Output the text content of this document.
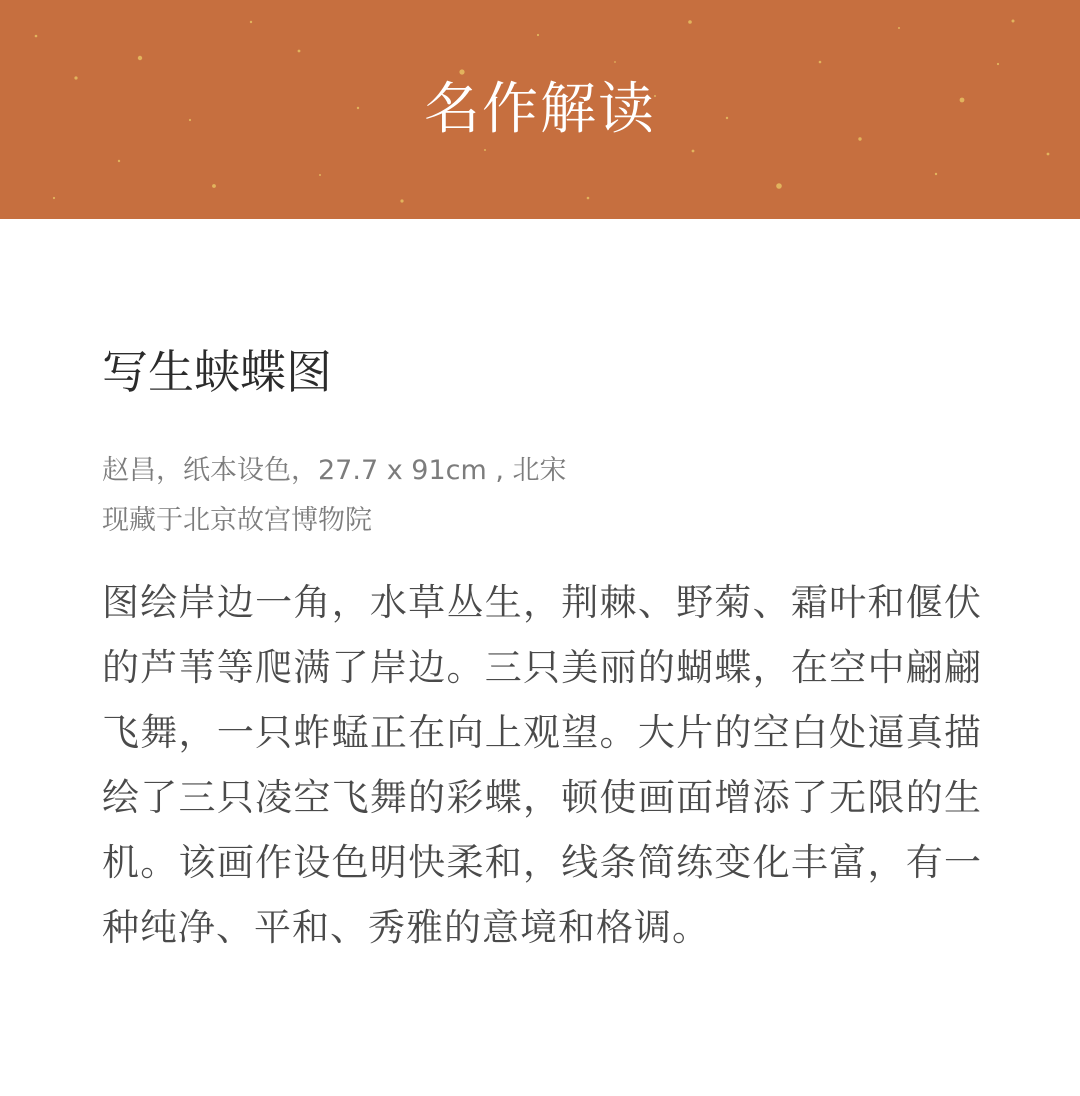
名作解读
写生蛱蝶图
赵昌，纸本设色，27.7 x 91cm , 北宋
现藏于北京故宫博物院
图绘岸边一角，水草丛生，荆棘、野菊、霜叶和偃伏的芦苇等爬满了岸边。三只美丽的蝴蝶，在空中翩翩飞舞，一只蚱蜢正在向上观望。大片的空白处逼真描绘了三只凌空飞舞的彩蝶，顿使画面增添了无限的生机。该画作设色明快柔和，线条简练变化丰富，有一种纯净、平和、秀雅的意境和格调。
